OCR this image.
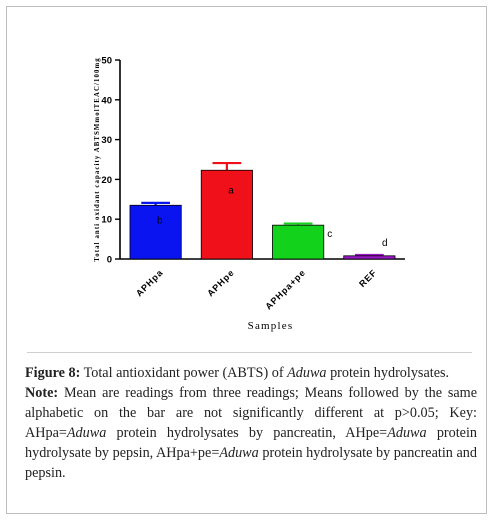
0
10
20
30
40
50
Total anti oxidant capacity ABTSMmolTEAC/100mg	b
APHpa
a
APHpe
c
APHpa+pe
d
REF
Samples

Figure 8: Total antioxidant power (ABTS) of Aduwa protein hydrolysates.

Note: Mean are readings from three readings; Means followed by the same alphabetic on the bar are not significantly different at p>0.05; Key: AHpa=Aduwa protein hydrolysates by pancreatin, AHpe=Aduwa protein hydrolysate by pepsin, AHpa+pe=Aduwa protein hydrolysate by pancreatin and pepsin.
